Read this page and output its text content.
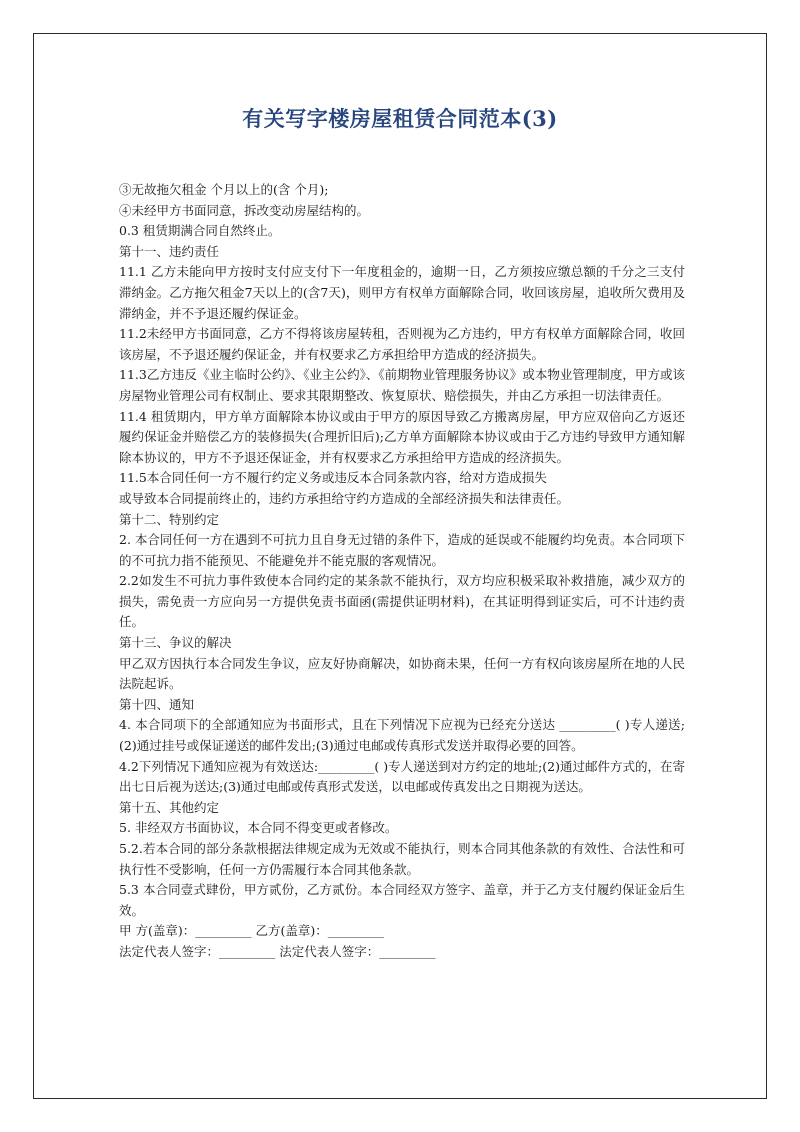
有关写字楼房屋租赁合同范本(3)

③无故拖欠租金 个月以上的(含 个月);

④未经甲方书面同意，拆改变动房屋结构的。

0.3 租赁期满合同自然终止。

第十一、违约责任

11.1 乙方未能向甲方按时支付应支付下一年度租金的，逾期一日，乙方须按应缴总额的千分之三支付滞纳金。乙方拖欠租金7天以上的(含7天)，则甲方有权单方面解除合同，收回该房屋，追收所欠费用及滞纳金，并不予退还履约保证金。

11.2未经甲方书面同意，乙方不得将该房屋转租，否则视为乙方违约，甲方有权单方面解除合同，收回该房屋，不予退还履约保证金，并有权要求乙方承担给甲方造成的经济损失。

11.3乙方违反《业主临时公约》、《业主公约》、《前期物业管理服务协议》或本物业管理制度，甲方或该房屋物业管理公司有权制止、要求其限期整改、恢复原状、赔偿损失，并由乙方承担一切法律责任。

11.4 租赁期内，甲方单方面解除本协议或由于甲方的原因导致乙方搬离房屋，甲方应双倍向乙方返还履约保证金并赔偿乙方的装修损失(合理折旧后);乙方单方面解除本协议或由于乙方违约导致甲方通知解除本协议的，甲方不予退还保证金，并有权要求乙方承担给甲方造成的经济损失。

11.5本合同任何一方不履行约定义务或违反本合同条款内容，给对方造成损失

或导致本合同提前终止的，违约方承担给守约方造成的全部经济损失和法律责任。

第十二、特别约定

2. 本合同任何一方在遇到不可抗力且自身无过错的条件下，造成的延误或不能履约均免责。本合同项下的不可抗力指不能预见、不能避免并不能克服的客观情况。

2.2如发生不可抗力事件致使本合同约定的某条款不能执行，双方均应积极采取补救措施，减少双方的损失，需免责一方应向另一方提供免责书面函(需提供证明材料)，在其证明得到证实后，可不计违约责任。

第十三、争议的解决

甲乙双方因执行本合同发生争议，应友好协商解决，如协商未果，任何一方有权向该房屋所在地的人民法院起诉。

第十四、通知

4. 本合同项下的全部通知应为书面形式，且在下列情况下应视为已经充分送达 _________( )专人递送;(2)通过挂号或保证递送的邮件发出;(3)通过电邮或传真形式发送并取得必要的回答。

4.2下列情况下通知应视为有效送达:_________( )专人递送到对方约定的地址;(2)通过邮件方式的，在寄出七日后视为送达;(3)通过电邮或传真形式发送，以电邮或传真发出之日期视为送达。

第十五、其他约定

5. 非经双方书面协议，本合同不得变更或者修改。

5.2.若本合同的部分条款根据法律规定成为无效或不能执行，则本合同其他条款的有效性、合法性和可执行性不受影响，任何一方仍需履行本合同其他条款。

5.3 本合同壹式肆份，甲方贰份，乙方贰份。本合同经双方签字、盖章，并于乙方支付履约保证金后生效。

甲 方(盖章)：_________ 乙方(盖章)：_________

法定代表人签字：_________ 法定代表人签字：_________
